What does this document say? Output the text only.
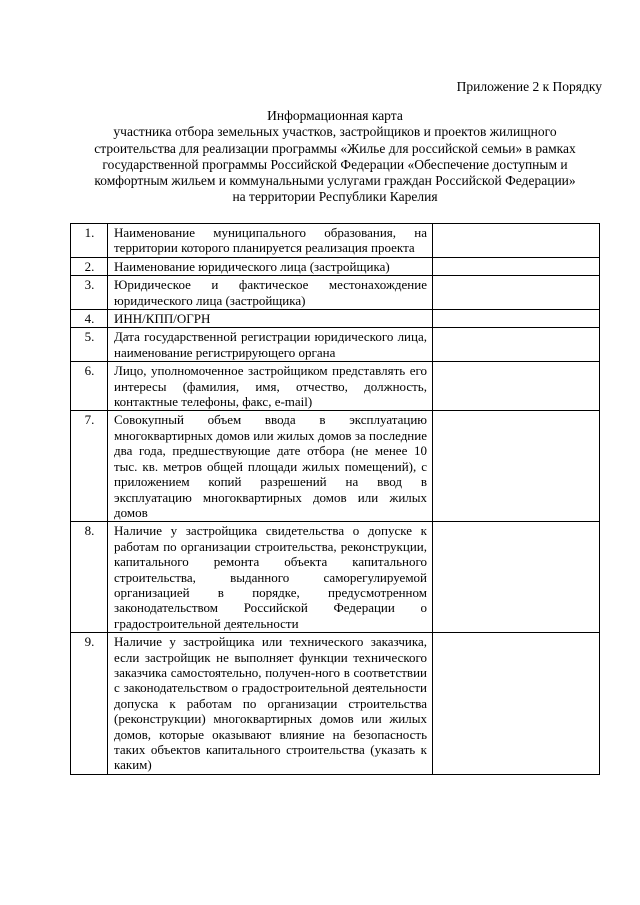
Приложение 2 к Порядку
Информационная карта
участника отбора земельных участков, застройщиков и проектов жилищного
строительства для реализации программы «Жилье для российской семьи» в рамках
государственной программы Российской Федерации «Обеспечение доступным и
комфортным жильем и коммунальными услугами граждан Российской Федерации»
на территории Республики Карелия
1.	Наименование муниципального образования, на территории которого планируется реализация проекта	
2.	Наименование юридического лица (застройщика)	
3.	Юридическое и фактическое местонахождение юридического лица (застройщика)	
4.	ИНН/КПП/ОГРН	
5.	Дата государственной регистрации юридического лица, наименование регистрирующего органа	
6.	Лицо, уполномоченное застройщиком представлять его интересы (фамилия, имя, отчество, должность, контактные телефоны, факс, e-mail)	
7.	Совокупный объем ввода в эксплуатацию многоквартирных домов или жилых домов за последние два года, предшествующие дате отбора (не менее 10 тыс. кв. метров общей площади жилых помещений), с приложением копий разрешений на ввод в эксплуатацию многоквартирных домов или жилых домов	
8.	Наличие у застройщика свидетельства о допуске к работам по организации строительства, реконструкции, капитального ремонта объекта капитального строительства, выданного саморегулируемой организацией в порядке, предусмотренном законодательством Российской Федерации о градостроительной деятельности	
9.	Наличие у застройщика или технического заказчика, если застройщик не выполняет функции технического заказчика самостоятельно, получен-ного в соответствии с законодательством о градостроительной деятельности допуска к работам по организации строительства (реконструкции) многоквартирных домов или жилых домов, которые оказывают влияние на безопасность таких объектов капитального строительства (указать к каким)	
